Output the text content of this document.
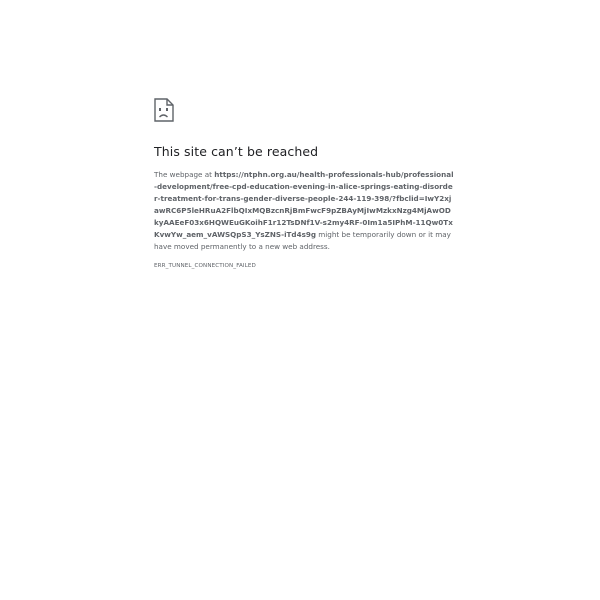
This site can’t be reached
The webpage at https://ntphn.org.au/health-professionals-hub/professional-development/free-cpd-education-evening-in-alice-springs-eating-disorder-treatment-for-trans-gender-diverse-people-244-119-398/?fbclid=IwY2xjawRC6P5leHRuA2FlbQIxMQBzcnRjBmFwcF9pZBAyMjIwMzkxNzg4MjAwODkyAAEeF03x6HQWEuGKoihF1r12TsDNf1V-s2my4RF-0Im1a5IPhM-11Qw0TxKvwYw_aem_vAWSQpS3_YsZNS-iTd4s9g might be temporarily down or it may have moved permanently to a new web address.
ERR_TUNNEL_CONNECTION_FAILED
